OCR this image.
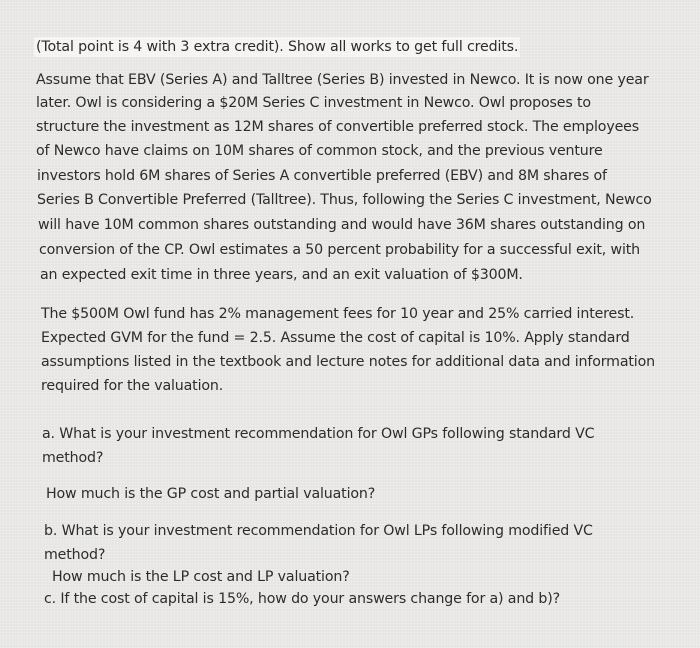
(Total point is 4 with 3 extra credit). Show all works to get full credits.
Assume that EBV (Series A) and Talltree (Series B) invested in Newco. It is now one year
later. Owl is considering a $20M Series C investment in Newco. Owl proposes to
structure the investment as 12M shares of convertible preferred stock. The employees
of Newco have claims on 10M shares of common stock, and the previous venture
investors hold 6M shares of Series A convertible preferred (EBV) and 8M shares of
Series B Convertible Preferred (Talltree). Thus, following the Series C investment, Newco
will have 10M common shares outstanding and would have 36M shares outstanding on
conversion of the CP. Owl estimates a 50 percent probability for a successful exit, with
an expected exit time in three years, and an exit valuation of $300M.
The $500M Owl fund has 2% management fees for 10 year and 25% carried interest.
Expected GVM for the fund = 2.5. Assume the cost of capital is 10%. Apply standard
assumptions listed in the textbook and lecture notes for additional data and information
required for the valuation.
a. What is your investment recommendation for Owl GPs following standard VC
method?
How much is the GP cost and partial valuation?
b. What is your investment recommendation for Owl LPs following modified VC
method?
How much is the LP cost and LP valuation?
c. If the cost of capital is 15%, how do your answers change for a) and b)?
